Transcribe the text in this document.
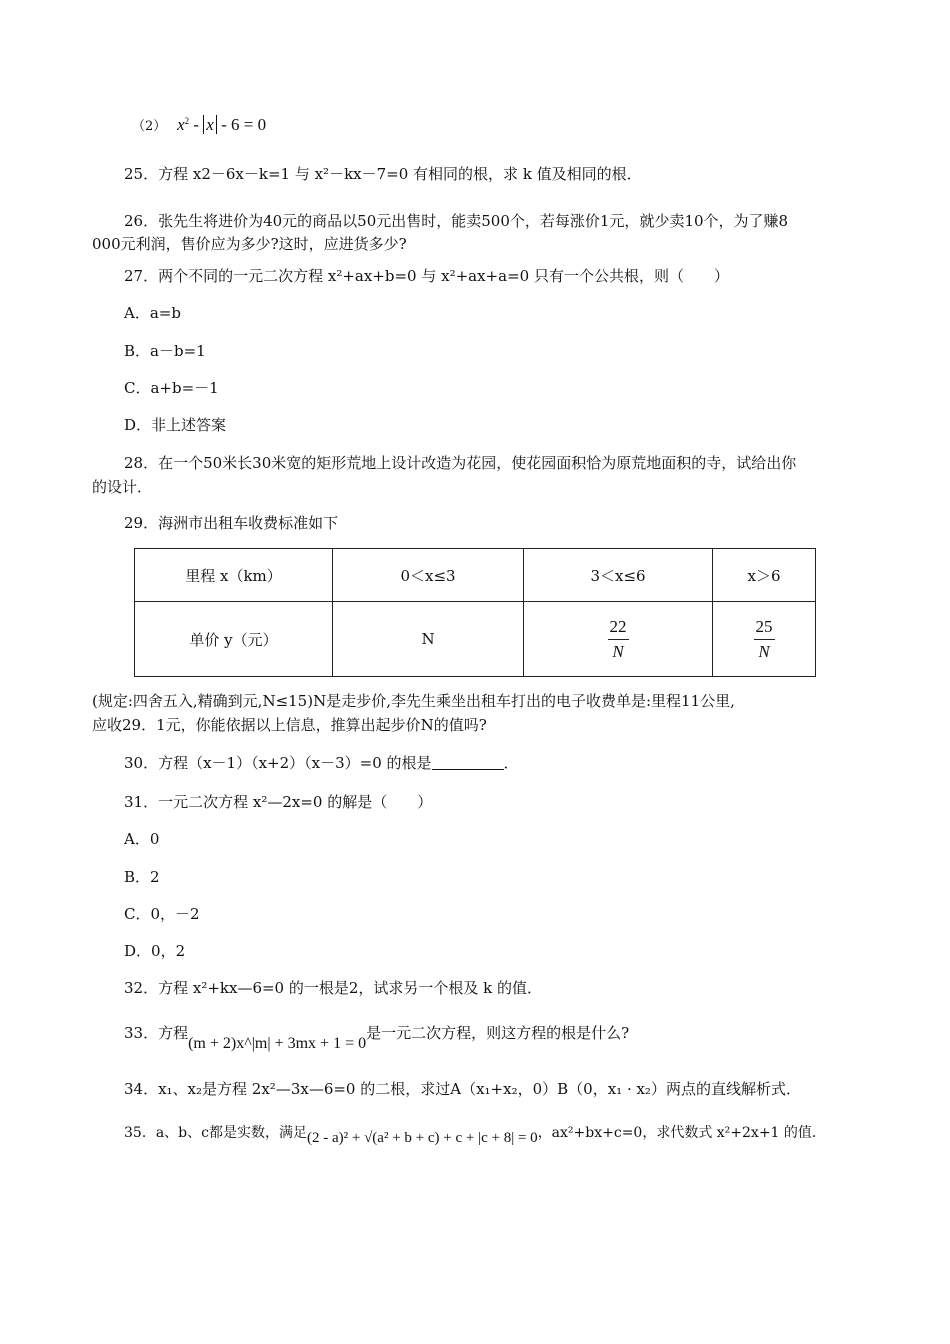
（2） $x^2 - x - 6 = 0$
25．方程 x2－6x－k=1 与 x²－kx－7=0 有相同的根，求 k 值及相同的根．
26．张先生将进价为40元的商品以50元出售时，能卖500个，若每涨价1元，就少卖10个，为了赚8
000元利润，售价应为多少?这时，应进货多少?
27．两个不同的一元二次方程 x²+ax+b=0 与 x²+ax+a=0 只有一个公共根，则（　　）
A．a=b
B．a－b=1
C．a+b=－1
D．非上述答案
28．在一个50米长30米宽的矩形荒地上设计改造为花园，使花园面积恰为原荒地面积的寺，试给出你
的设计．
29．海洲市出租车收费标准如下
里程 x（km）	0＜x≤3	3＜x≤6	x＞6
单价 y（元）	N	$\frac{22}{N}$	$\frac{25}{N}$
(规定:四舍五入,精确到元,N≤15)N是走步价,李先生乘坐出租车打出的电子收费单是:里程11公里,
应收29．1元，你能依据以上信息，推算出起步价N的值吗?
30．方程（x－1）（x+2）（x－3）=0 的根是	．
31．一元二次方程 x²—2x=0 的解是（　　）
A．0
B．2
C．0，－2
D．0，2
32．方程 x²+kx—6=0 的一根是2，试求另一个根及 k 的值．
33．方程(m + 2)x^|m| + 3mx + 1 = 0是一元二次方程，则这方程的根是什么?
34．x₁、x₂是方程 2x²—3x—6=0 的二根，求过A（x₁+x₂，0）B（0，x₁ · x₂）两点的直线解析式．
35．a、b、c都是实数，满足(2 - a)² + √(a² + b + c) + c + |c + 8| = 0，ax²+bx+c=0，求代数式 x²+2x+1 的值．
